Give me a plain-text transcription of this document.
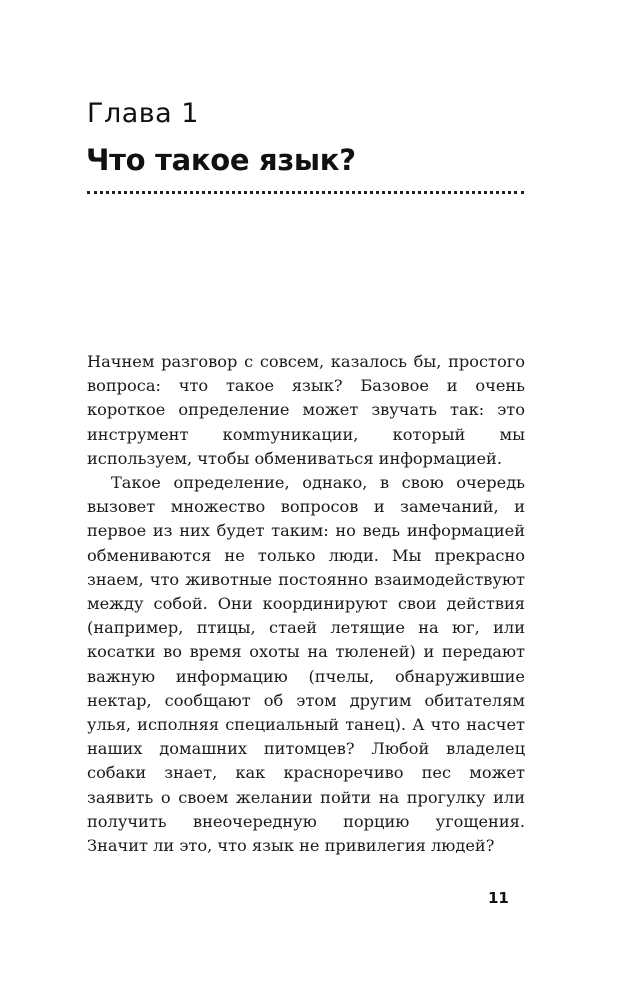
Глава 1
Что такое язык?

Начнем разговор с совсем, казалось бы, простого вопроса: что такое язык? Базовое и очень короткое определение может звучать так: это инструмент комmуникации, который мы используем, чтобы обмениваться информацией.

Такое определение, однако, в свою очередь вызовет множество вопросов и замечаний, и первое из них будет таким: но ведь информацией обмениваются не только люди. Мы прекрасно знаем, что животные постоянно взаимодействуют между собой. Они координируют свои действия (например, птицы, стаей летящие на юг, или косатки во время охоты на тюленей) и передают важную информацию (пчелы, обнаружившие нектар, сообщают об этом другим обитателям улья, исполняя специальный танец). А что насчет наших домашних питомцев? Любой владелец собаки знает, как красноречиво пес может заявить о своем желании пойти на прогулку или получить внеочередную порцию угощения. Значит ли это, что язык не привилегия людей?

11
